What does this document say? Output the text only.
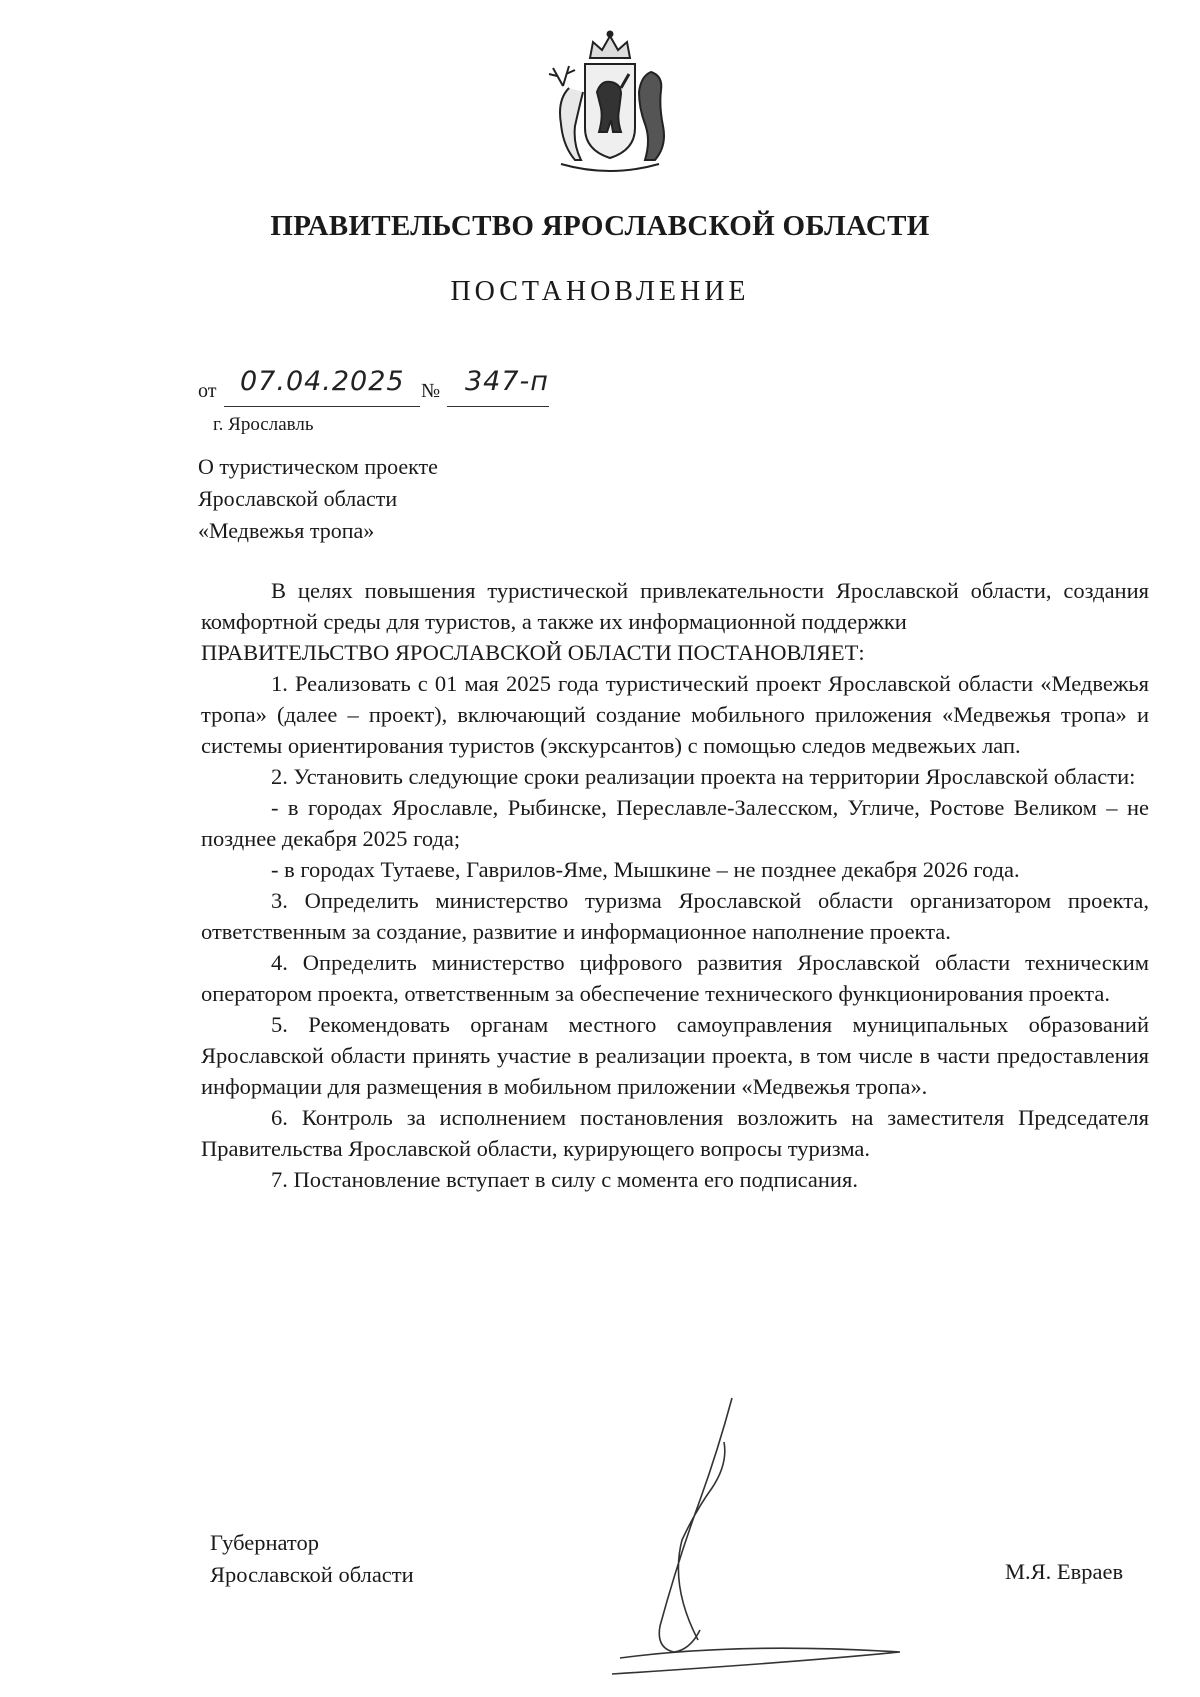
ПРАВИТЕЛЬСТВО ЯРОСЛАВСКОЙ ОБЛАСТИ
ПОСТАНОВЛЕНИЕ
от 07.04.2025 № 347-п
г. Ярославль
О туристическом проекте
Ярославской области
«Медвежья тропа»

В целях повышения туристической привлекательности Ярославской области, создания комфортной среды для туристов, а также их информационной поддержки

ПРАВИТЕЛЬСТВО ЯРОСЛАВСКОЙ ОБЛАСТИ ПОСТАНОВЛЯЕТ:

1. Реализовать с 01 мая 2025 года туристический проект Ярославской области «Медвежья тропа» (далее – проект), включающий создание мобильного приложения «Медвежья тропа» и системы ориентирования туристов (экскурсантов) с помощью следов медвежьих лап.

2. Установить следующие сроки реализации проекта на территории Ярославской области:

- в городах Ярославле, Рыбинске, Переславле-Залесском, Угличе, Ростове Великом – не позднее декабря 2025 года;

- в городах Тутаеве, Гаврилов-Яме, Мышкине – не позднее декабря 2026 года.

3. Определить министерство туризма Ярославской области организатором проекта, ответственным за создание, развитие и информационное наполнение проекта.

4. Определить министерство цифрового развития Ярославской области техническим оператором проекта, ответственным за обеспечение технического функционирования проекта.

5. Рекомендовать органам местного самоуправления муниципальных образований Ярославской области принять участие в реализации проекта, в том числе в части предоставления информации для размещения в мобильном приложении «Медвежья тропа».

6. Контроль за исполнением постановления возложить на заместителя Председателя Правительства Ярославской области, курирующего вопросы туризма.

7. Постановление вступает в силу с момента его подписания.

Губернатор
Ярославской области	М.Я. Евраев
